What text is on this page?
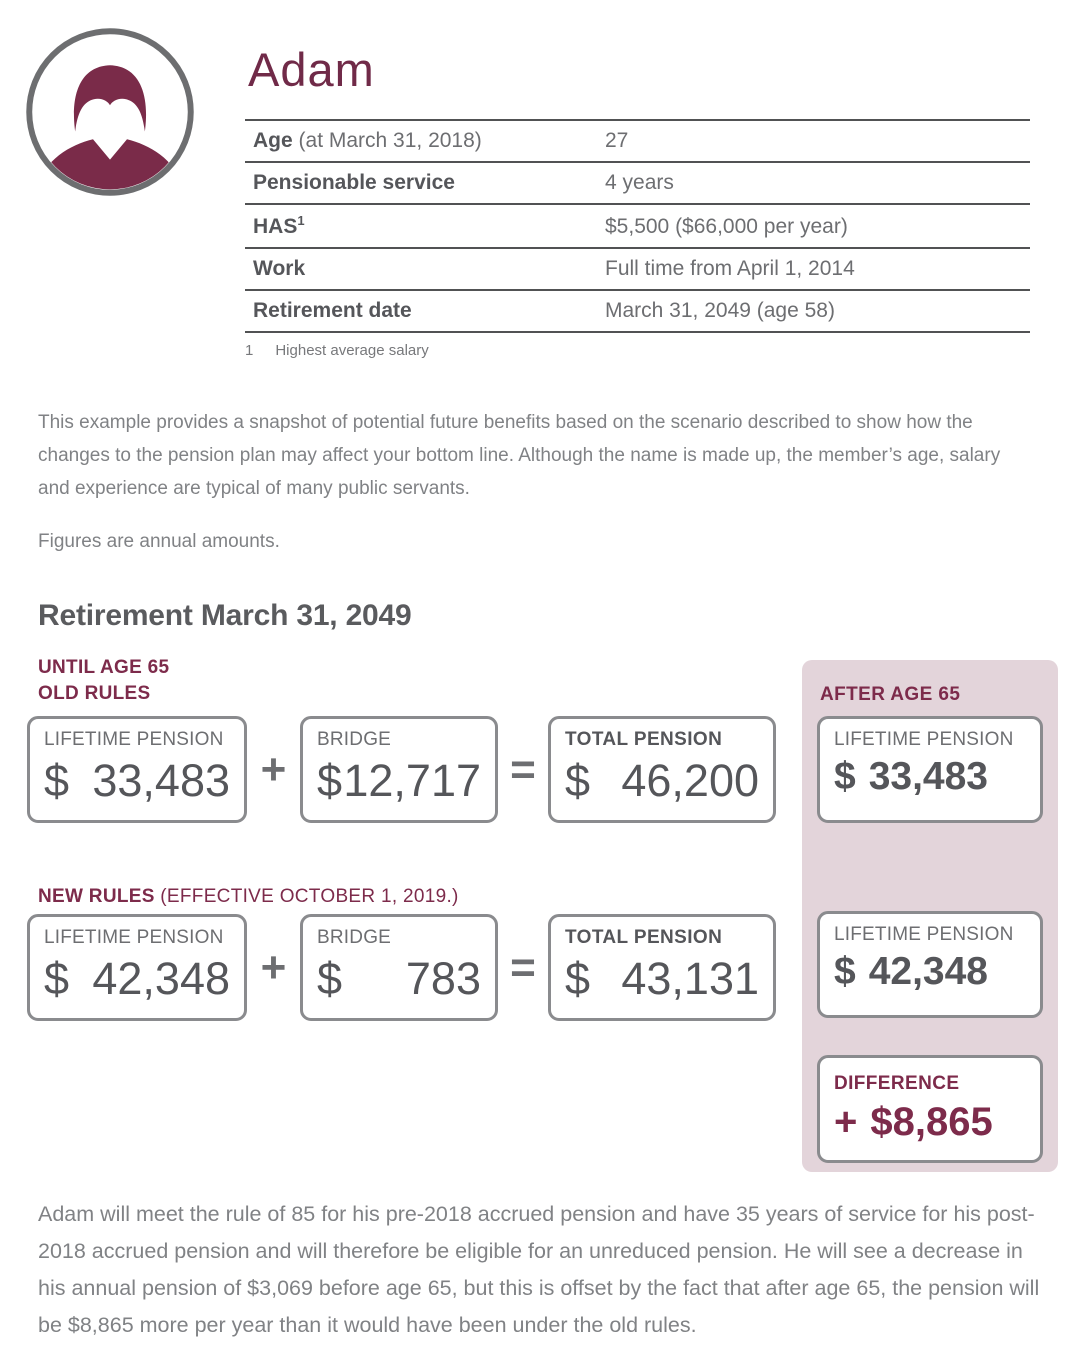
Adam
Age (at March 31, 2018)	27
Pensionable service	4 years
HAS$^1$	$5,500 ($66,000 per year)
Work	Full time from April 1, 2014
Retirement date	March 31, 2049 (age 58)
1 Highest average salary

This example provides a snapshot of potential future benefits based on the scenario described to show how the changes to the pension plan may affect your bottom line. Although the name is made up, the member’s age, salary and experience are typical of many public servants.

Figures are annual amounts.

Retirement March 31, 2049
UNTIL AGE 65
OLD RULES
LIFETIME PENSION
$ 33,483 +
BRIDGE
$ 12,717 =
TOTAL PENSION
$ 46,200
NEW RULES (EFFECTIVE OCTOBER 1, 2019.)
LIFETIME PENSION
$ 42,348 +
BRIDGE
$ 783 =
TOTAL PENSION
$ 43,131
AFTER AGE 65
LIFETIME PENSION
$ 33,483
LIFETIME PENSION
$ 42,348
DIFFERENCE
+ $8,865

Adam will meet the rule of 85 for his pre-2018 accrued pension and have 35 years of service for his post-2018 accrued pension and will therefore be eligible for an unreduced pension. He will see a decrease in his annual pension of $3,069 before age 65, but this is offset by the fact that after age 65, the pension will be $8,865 more per year than it would have been under the old rules.
